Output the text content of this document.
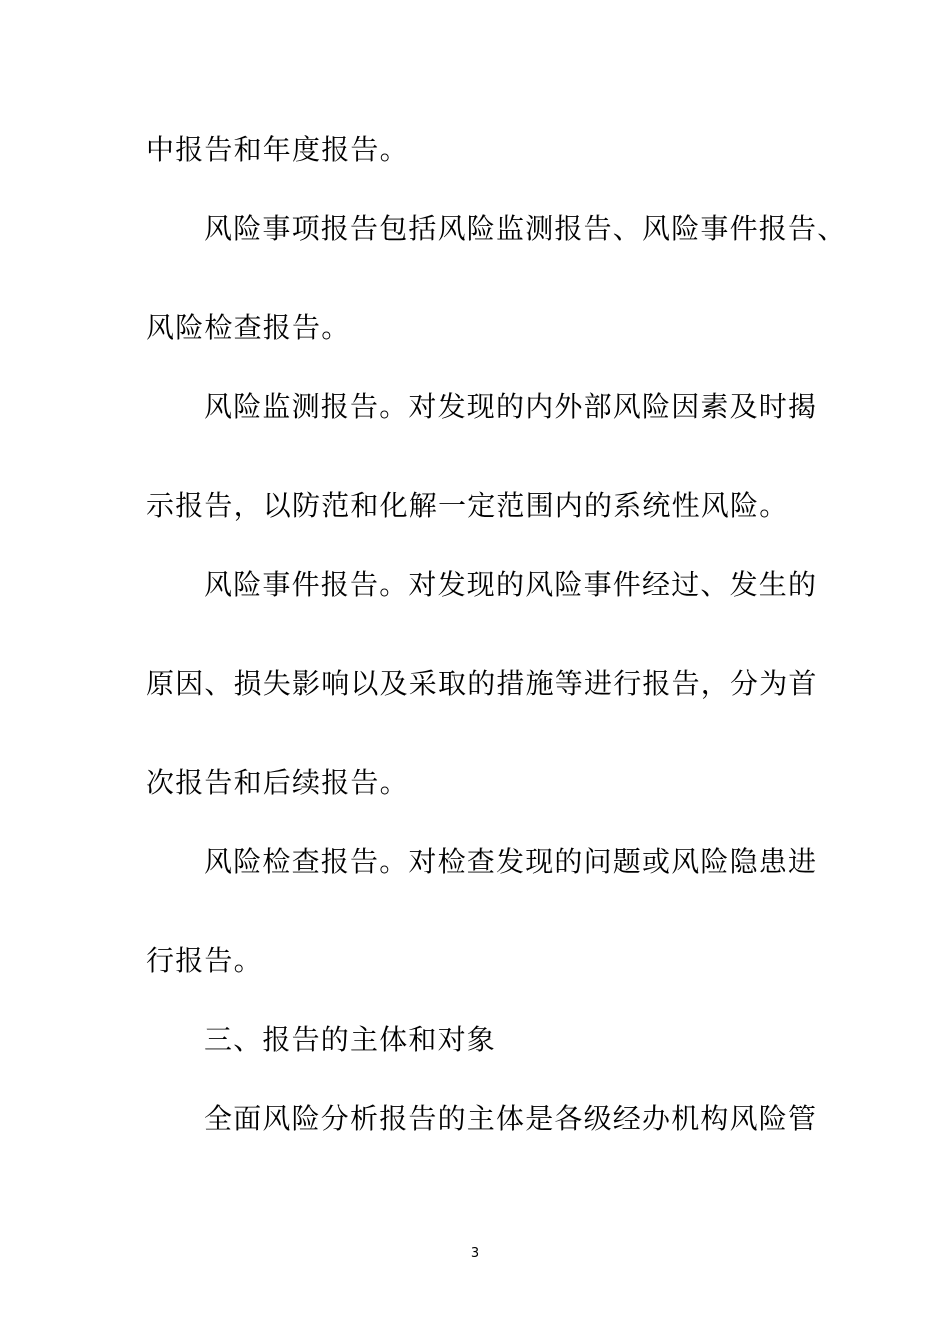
中报告和年度报告。

风险事项报告包括风险监测报告、风险事件报告、

风险检查报告。

风险监测报告。对发现的内外部风险因素及时揭

示报告，以防范和化解一定范围内的系统性风险。

风险事件报告。对发现的风险事件经过、发生的

原因、损失影响以及采取的措施等进行报告，分为首

次报告和后续报告。

风险检查报告。对检查发现的问题或风险隐患进

行报告。

三、报告的主体和对象

全面风险分析报告的主体是各级经办机构风险管

3
